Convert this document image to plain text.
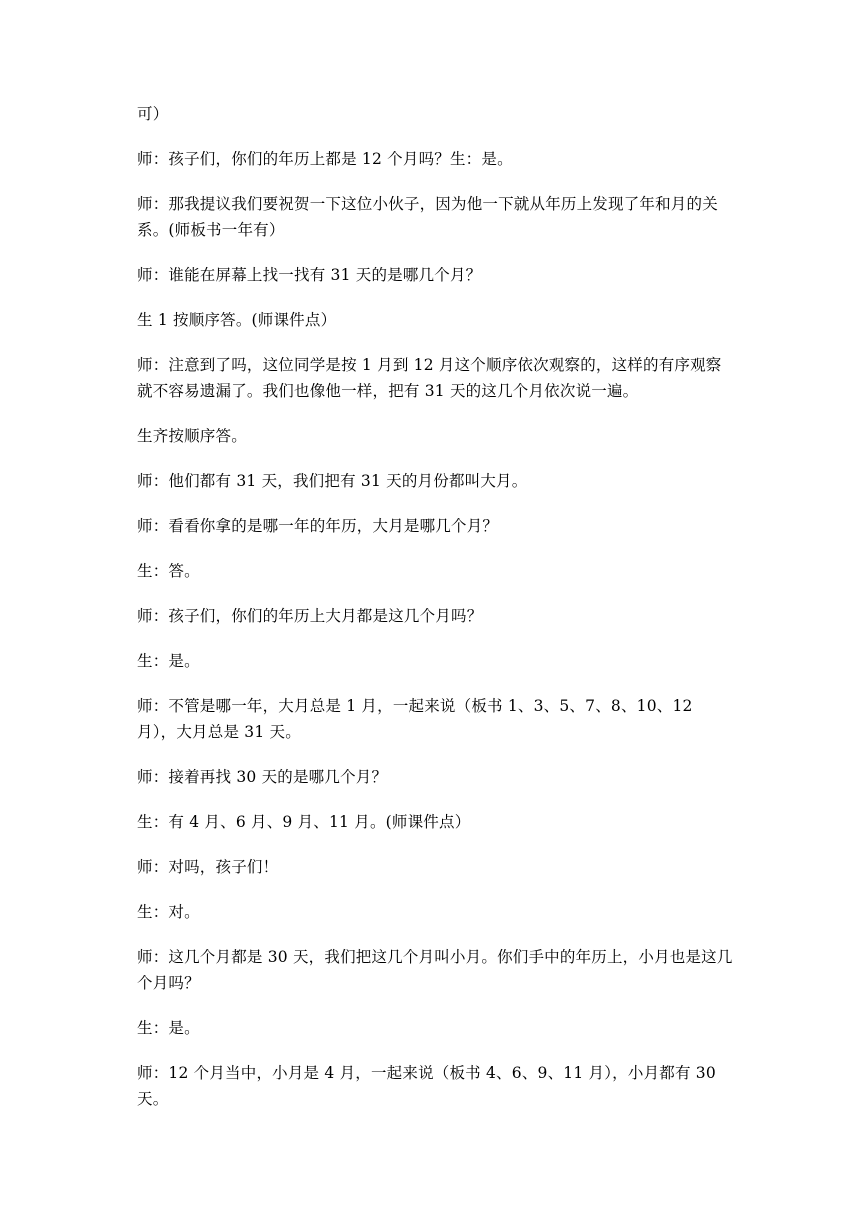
可）

师：孩子们，你们的年历上都是 12 个月吗？生：是。

师：那我提议我们要祝贺一下这位小伙子，因为他一下就从年历上发现了年和月的关系。(师板书一年有）

师：谁能在屏幕上找一找有 31 天的是哪几个月？

生 1 按顺序答。(师课件点）

师：注意到了吗，这位同学是按 1 月到 12 月这个顺序依次观察的，这样的有序观察就不容易遗漏了。我们也像他一样，把有 31 天的这几个月依次说一遍。

生齐按顺序答。

师：他们都有 31 天，我们把有 31 天的月份都叫大月。

师：看看你拿的是哪一年的年历，大月是哪几个月？

生：答。

师：孩子们，你们的年历上大月都是这几个月吗？

生：是。

师：不管是哪一年，大月总是 1 月，一起来说（板书 1、3、5、7、8、10、12 月），大月总是 31 天。

师：接着再找 30 天的是哪几个月？

生：有 4 月、6 月、9 月、11 月。(师课件点）

师：对吗，孩子们！

生：对。

师：这几个月都是 30 天，我们把这几个月叫小月。你们手中的年历上，小月也是这几个月吗？

生：是。

师：12 个月当中，小月是 4 月，一起来说（板书 4、6、9、11 月），小月都有 30 天。
